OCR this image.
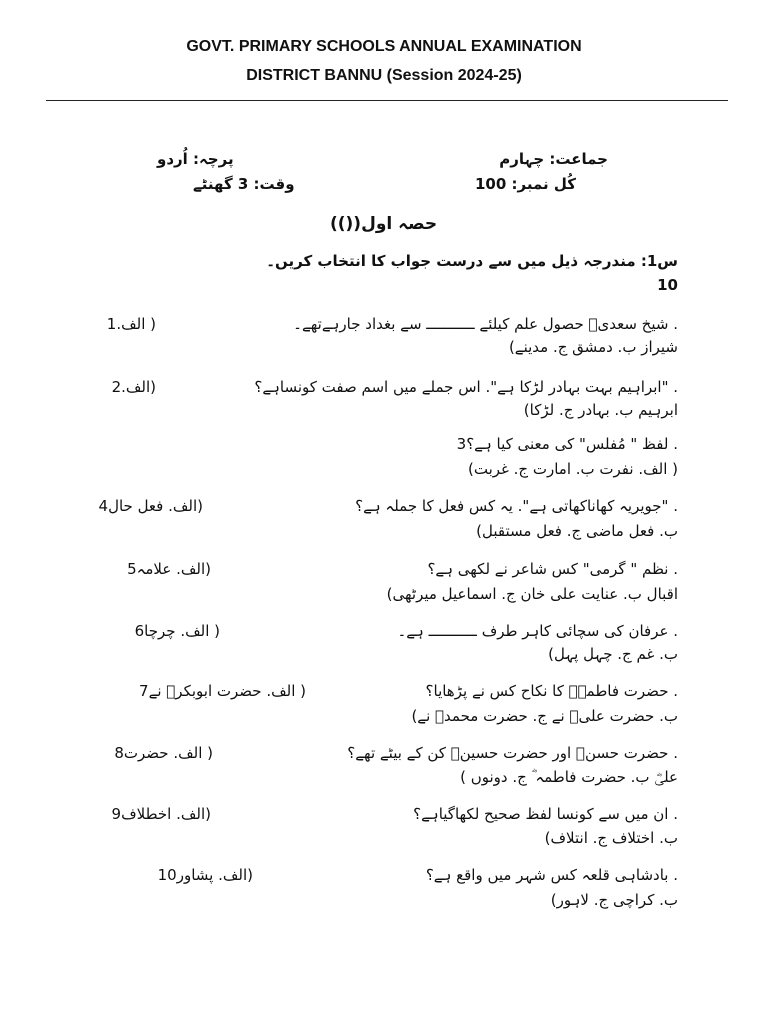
GOVT. PRIMARY SCHOOLS ANNUAL EXAMINATION
DISTRICT BANNU (Session 2024-25)
جماعت: چہارم
پرچہ: اُردو
کُل نمبر: 100
وقت: 3 گھنٹے
حصہ اول(())
س1: مندرجہ ذیل میں سے درست جواب کا انتخاب کریں۔
10
. شیخ سعدیؒ حصول علم کیلئے ـــــــــــ سے بغداد جارہےتھے۔
( الف.1
شیراز ب. دمشق ج. مدینے)
. "ابراہیم بہت بہادر لڑکا ہے". اس جملے میں اسم صفت کونساہے؟
(الف.2
ابرہیم ب. بہادر ج. لڑکا)
. لفظ " مُفلس" کی معنی کیا ہے؟3
( الف. نفرت ب. امارت ج. غربت)
. "جویریہ کھاناکھاتی ہے". یہ کس فعل کا جملہ ہے؟
(الف. فعل حال4
ب. فعل ماضی ج. فعل مستقبل)
. نظم " گرمی" کس شاعر نے لکھی ہے؟
(الف. علامہ5
اقبال ب. عنایت علی خان ج. اسماعیل میرٹھی)
. عرفان کی سچائی کاہر طرف ـــــــــــ ہے۔
( الف. چرچا6
ب. غم ج. چہل پہل)
. حضرت فاطمہؓ کا نکاح کس نے پڑھایا؟
( الف. حضرت ابوبکرؓ نے7
ب. حضرت علیؓ نے ج. حضرت محمدؐ نے)
. حضرت حسنؓ اور حضرت حسینؓ کن کے بیٹے تھے؟
( الف. حضرت8
علیؓ ب. حضرت فاطمہ ؓ ج. دونوں )
. ان میں سے کونسا لفظ صحیح لکھاگیاہے؟
(الف. اخطلاف9
ب. اختلاف ج. انتلاف)
. بادشاہی قلعہ کس شہر میں واقع ہے؟
(الف. پشاور10
ب. کراچی ج. لاہور)
